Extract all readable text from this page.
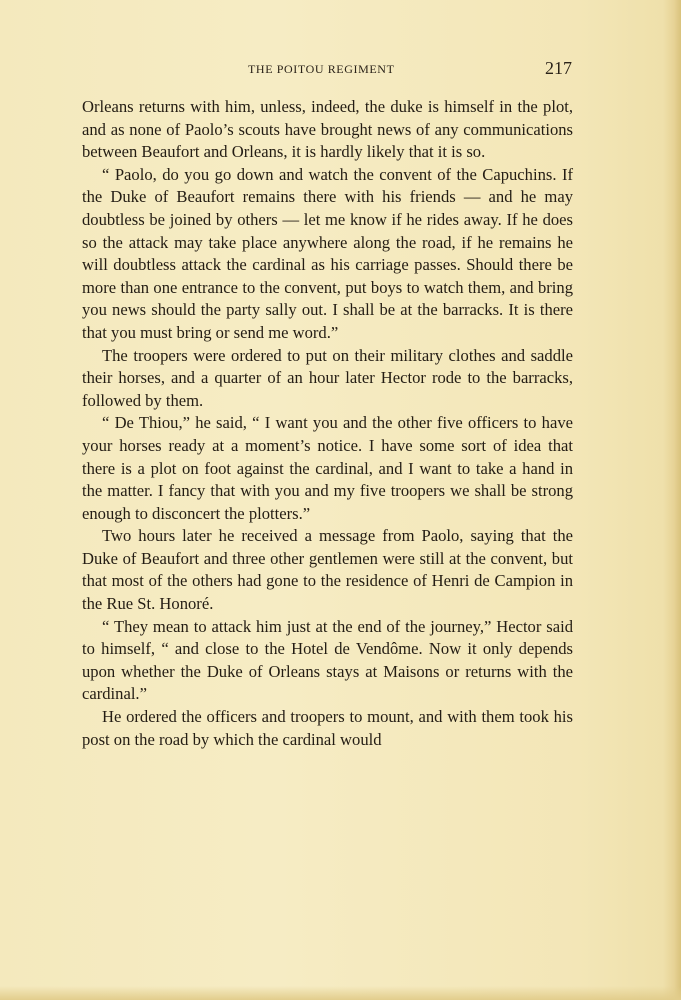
THE POITOU REGIMENT	217

Orleans returns with him, unless, indeed, the duke is himself in the plot, and as none of Paolo’s scouts have brought news of any communications between Beaufort and Orleans, it is hardly likely that it is so.

“ Paolo, do you go down and watch the convent of the Capuchins. If the Duke of Beaufort remains there with his friends — and he may doubtless be joined by others — let me know if he rides away. If he does so the attack may take place anywhere along the road, if he remains he will doubtless attack the cardinal as his carriage passes. Should there be more than one entrance to the convent, put boys to watch them, and bring you news should the party sally out. I shall be at the barracks. It is there that you must bring or send me word.”

The troopers were ordered to put on their military clothes and saddle their horses, and a quarter of an hour later Hector rode to the barracks, followed by them.

“ De Thiou,” he said, “ I want you and the other five officers to have your horses ready at a moment’s notice. I have some sort of idea that there is a plot on foot against the cardinal, and I want to take a hand in the matter. I fancy that with you and my five troopers we shall be strong enough to disconcert the plotters.”

Two hours later he received a message from Paolo, saying that the Duke of Beaufort and three other gentlemen were still at the convent, but that most of the others had gone to the residence of Henri de Campion in the Rue St. Honoré.

“ They mean to attack him just at the end of the journey,” Hector said to himself, “ and close to the Hotel de Vendôme. Now it only depends upon whether the Duke of Orleans stays at Maisons or returns with the cardinal.”

He ordered the officers and troopers to mount, and with them took his post on the road by which the cardinal would
